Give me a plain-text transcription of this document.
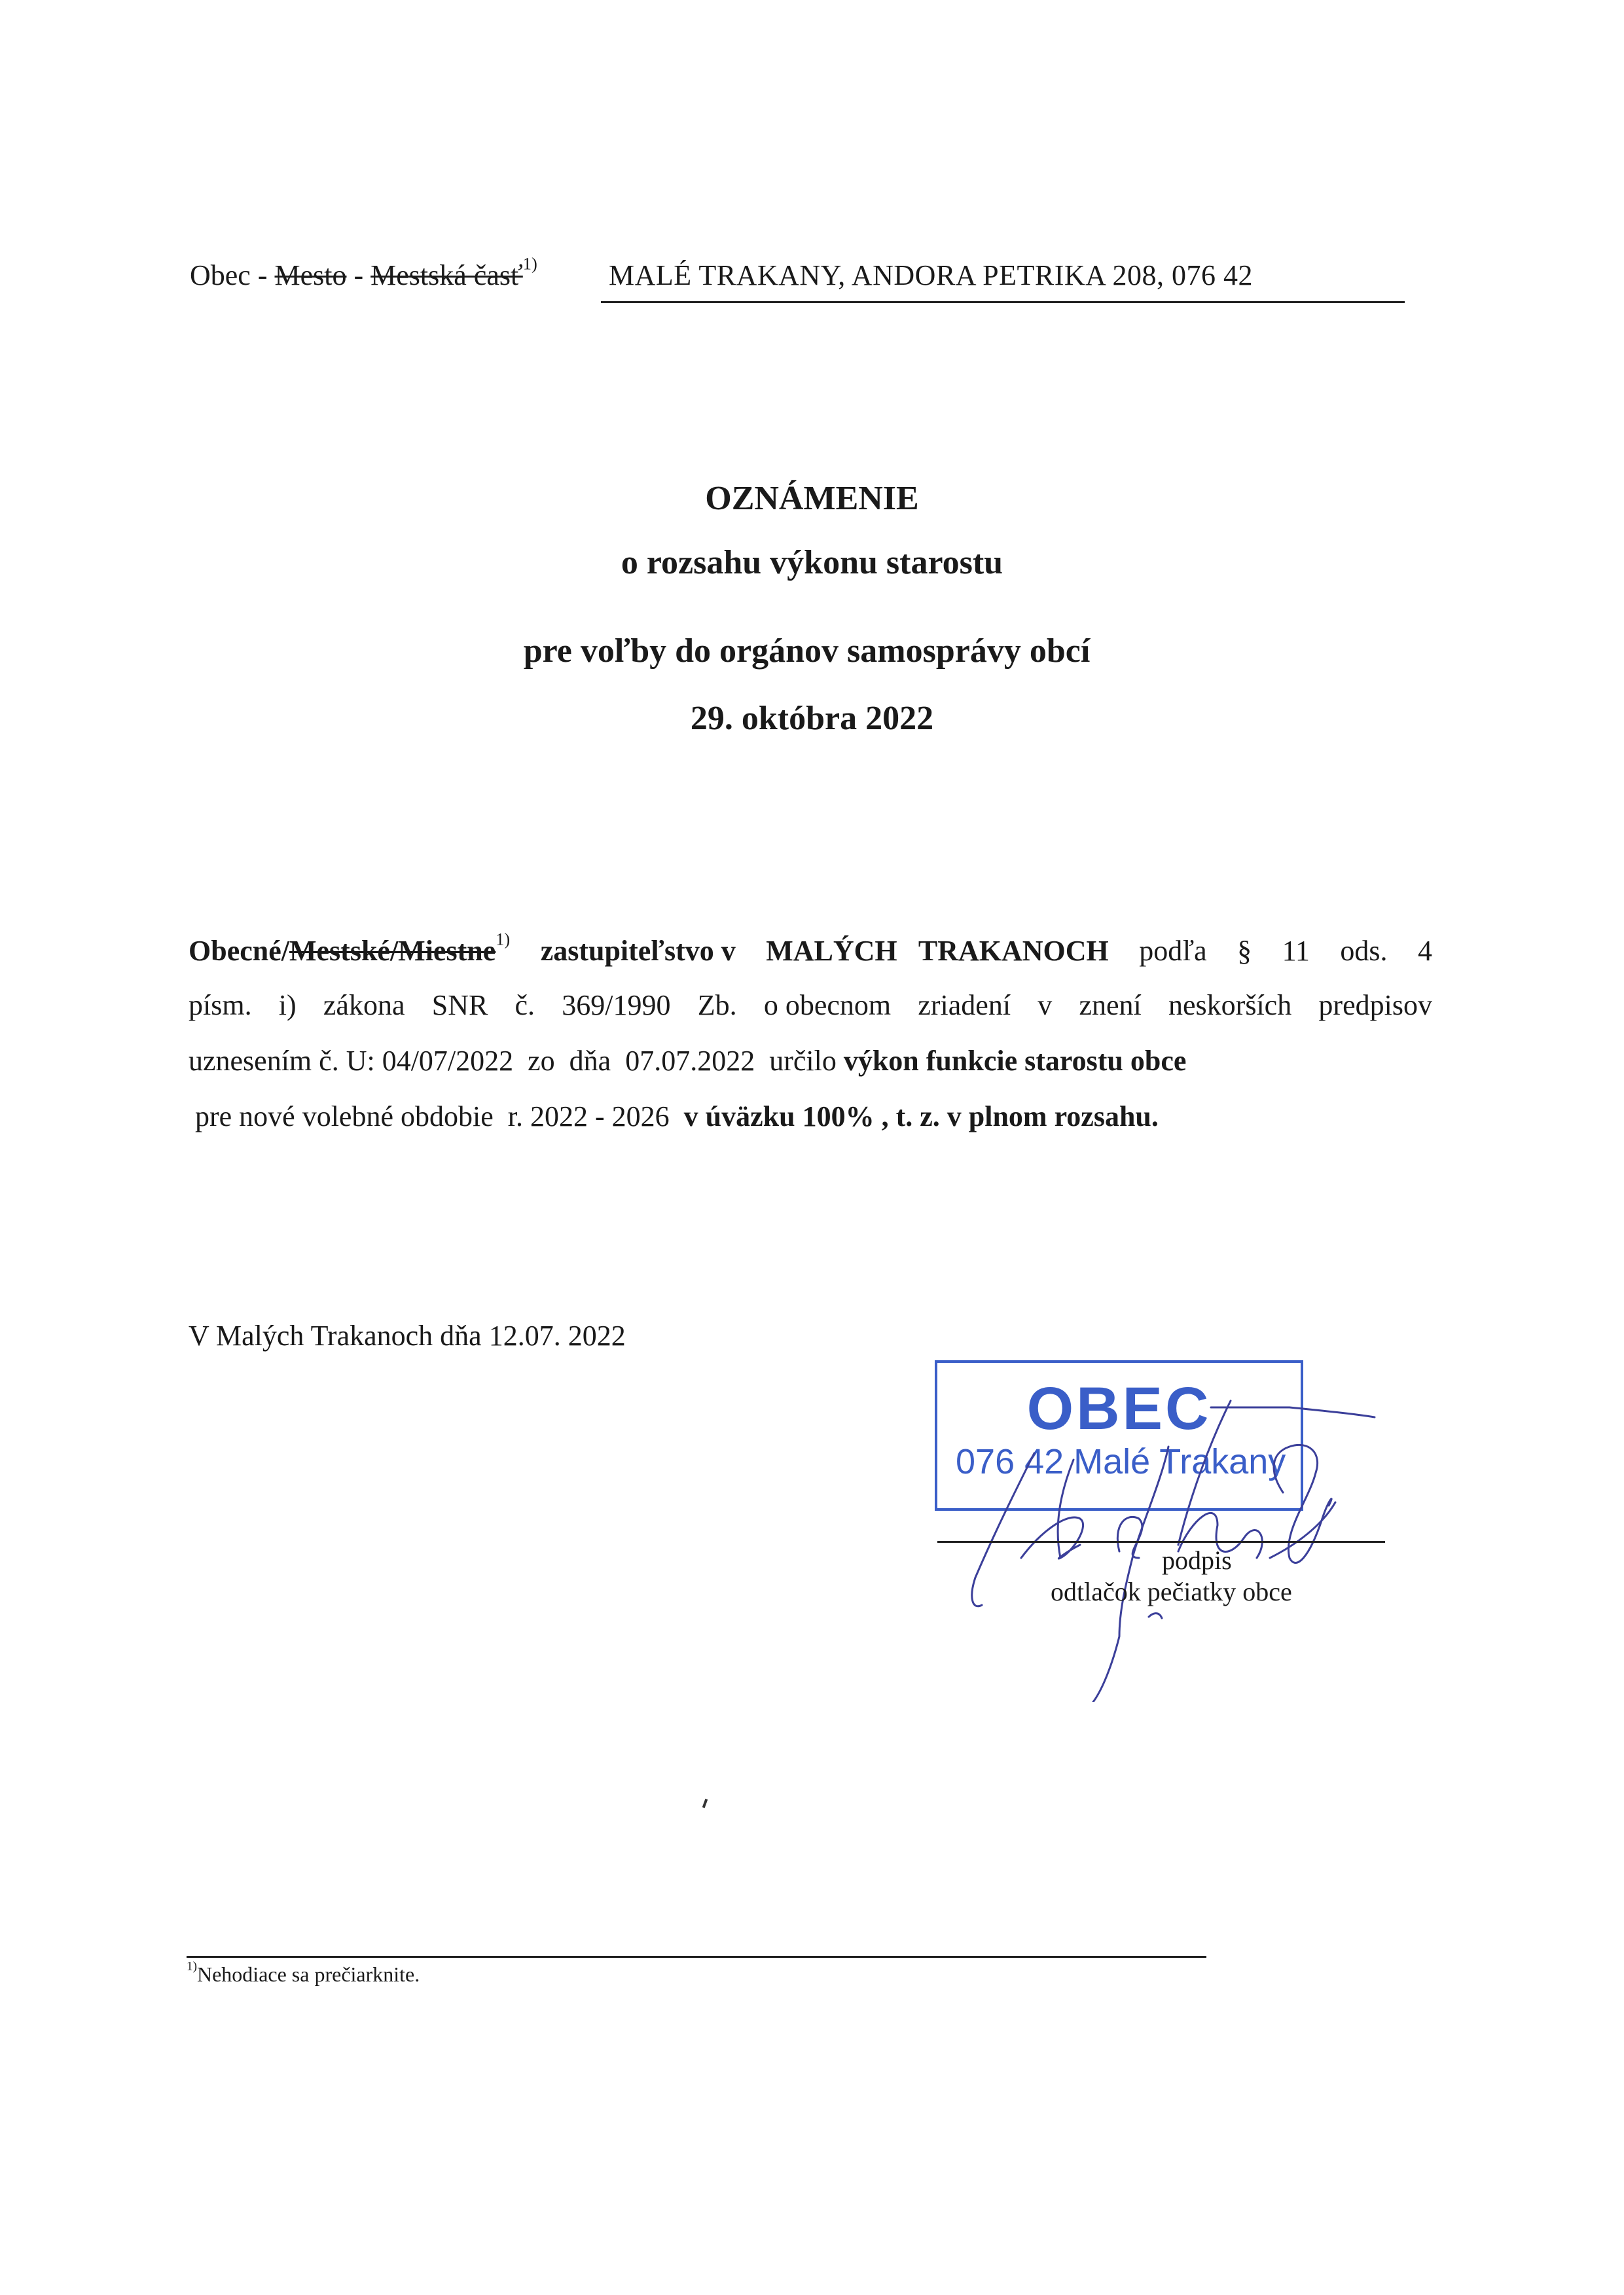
Obec - Mesto - Mestská časť$^{1)}$ MALÉ TRAKANY, ANDORA PETRIKA 208, 076 42
OZNÁMENIE
o rozsahu výkonu starostu
pre voľby do orgánov samosprávy obcí
29. októbra 2022
Obecné/Mestské/Miestne$^{1)}$ zastupiteľstvo v MALÝCH   TRAKANOCH podľa § 11 ods. 4
písm. i) zákona SNR č. 369/1990 Zb. o obecnom zriadení v znení neskorších predpisov
uznesením č. U: 04/07/2022  zo  dňa  07.07.2022  určilo výkon funkcie starostu obce
pre nové volebné obdobie  r. 2022 - 2026  v úväzku 100% , t. z. v plnom rozsahu.
V Malých Trakanoch dňa 12.07. 2022
OBEC
076 42 Malé Trakany
podpis
odtlačok pečiatky obce
$^{1)}$Nehodiace sa prečiarknite.
